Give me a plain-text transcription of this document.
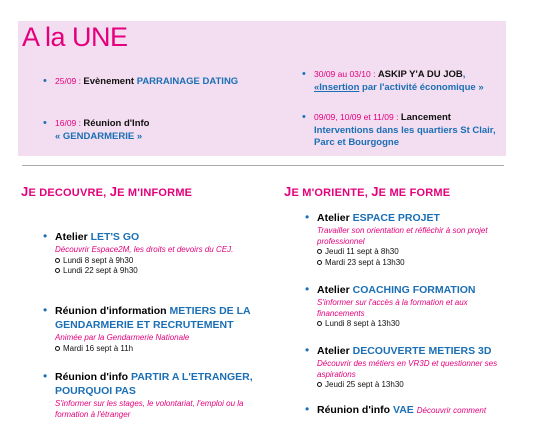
A la UNE
• 25/09 : Evènement PARRAINAGE DATING
• 16/09 : Réunion d'Info
« GENDARMERIE »
• 30/09 au 03/10 : ASKIP Y'A DU JOB,
«Insertion par l'activité économique »
• 09/09, 10/09 et 11/09 : Lancement
Interventions dans les quartiers St Clair, Parc et Bourgogne
JE DECOUVRE, JE M'INFORME	JE M'ORIENTE, JE ME FORME
• Atelier LET'S GO
Découvrir Espace2M, les droits et devoirs du CEJ.
Lundi 8 sept à 9h30
Lundi 22 sept à 9h30
• Réunion d'information METIERS DE LA GENDARMERIE ET RECRUTEMENT
Animée par la Gendarmerie Nationale
Mardi 16 sept à 11h
• Réunion d'info PARTIR A L'ETRANGER, POURQUOI PAS
S'informer sur les stages, le volontariat, l'emploi ou la formation à l'étranger
• Atelier ESPACE PROJET
Travailler son orientation et réfléchir à son projet professionnel
Jeudi 11 sept à 8h30
Mardi 23 sept à 13h30
• Atelier COACHING FORMATION
S'informer sur l'accès à la formation et aux financements
Lundi 8 sept à 13h30
• Atelier DECOUVERTE METIERS 3D
Découvrir des métiers en VR3D et questionner ses aspirations
Jeudi 25 sept à 13h30
• Réunion d'info VAE Découvrir comment
